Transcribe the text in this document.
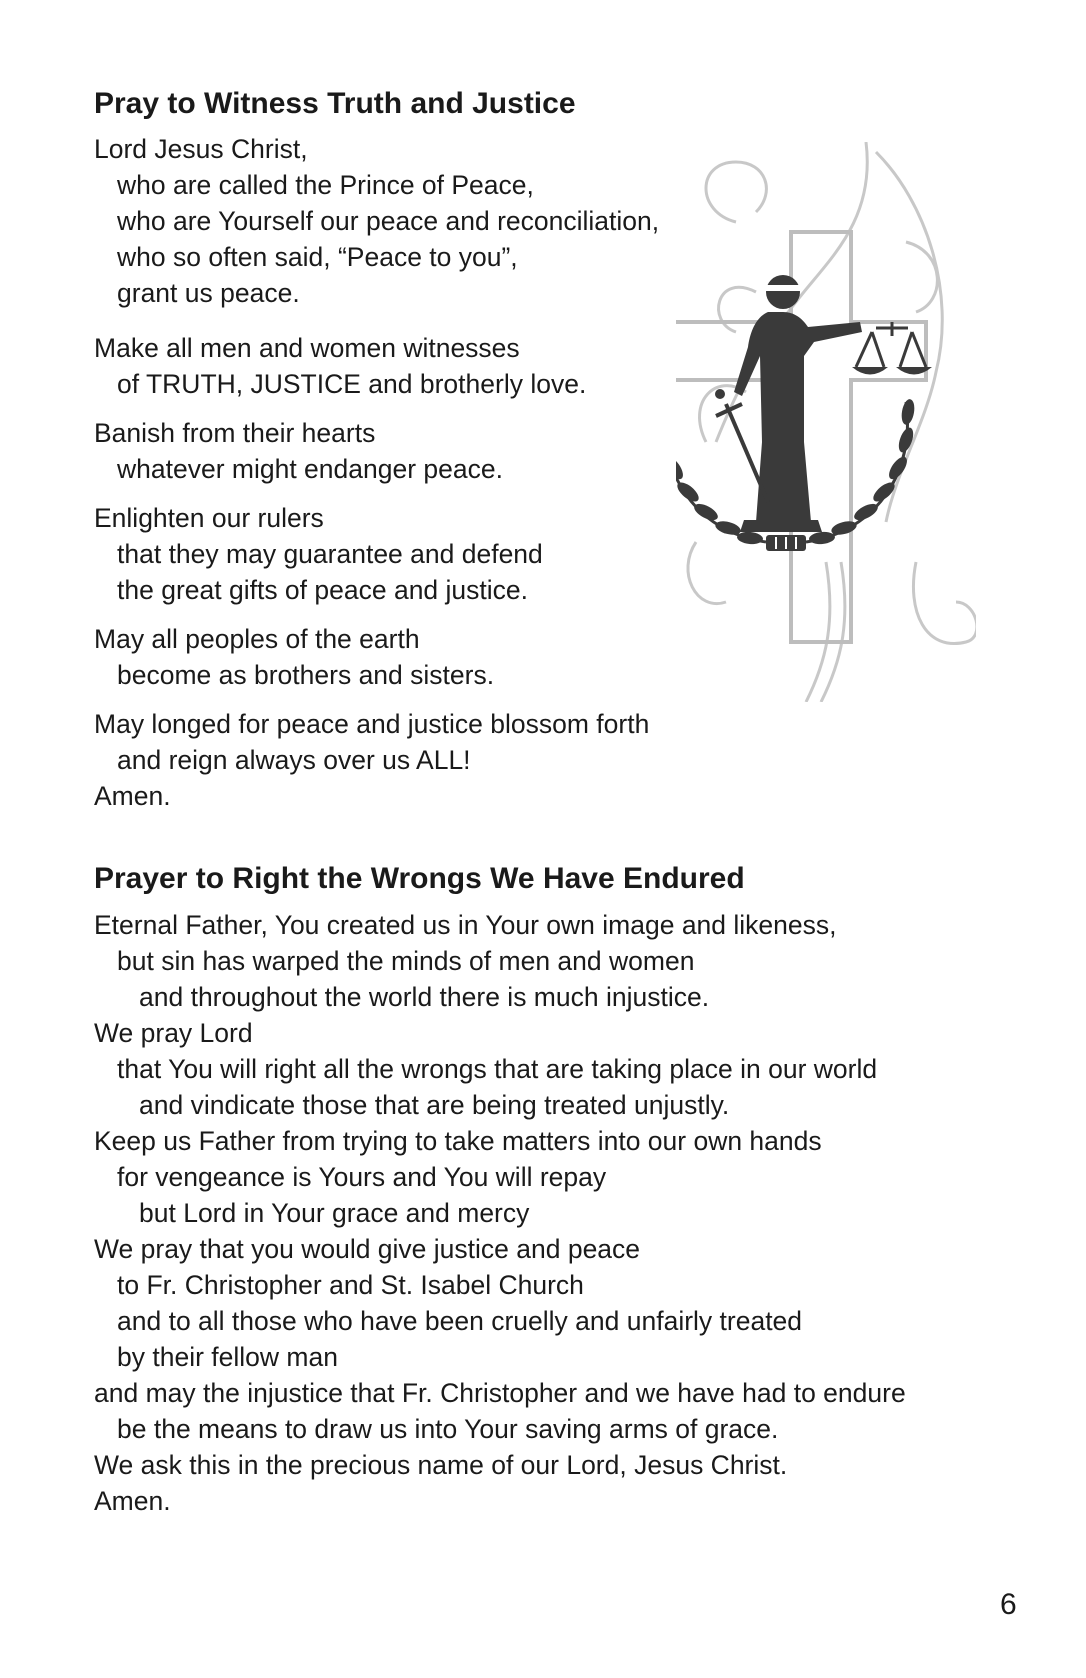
Pray to Witness Truth and Justice
Lord Jesus Christ,
who are called the Prince of Peace,
who are Yourself our peace and reconciliation,
who so often said, “Peace to you”,
grant us peace.
Make all men and women witnesses
of TRUTH, JUSTICE and brotherly love.
Banish from their hearts
whatever might endanger peace.
Enlighten our rulers
that they may guarantee and defend
the great gifts of peace and justice.
May all peoples of the earth
become as brothers and sisters.
May longed for peace and justice blossom forth
and reign always over us ALL!
Amen.
Prayer to Right the Wrongs We Have Endured
Eternal Father, You created us in Your own image and likeness,
but sin has warped the minds of men and women
and throughout the world there is much injustice.
We pray Lord
that You will right all the wrongs that are taking place in our world
and vindicate those that are being treated unjustly.
Keep us Father from trying to take matters into our own hands
for vengeance is Yours and You will repay
but Lord in Your grace and mercy
We pray that you would give justice and peace
to Fr. Christopher and St. Isabel Church
and to all those who have been cruelly and unfairly treated
by their fellow man
and may the injustice that Fr. Christopher and we have had to endure
be the means to draw us into Your saving arms of grace.
We ask this in the precious name of our Lord, Jesus Christ.
Amen.
6
